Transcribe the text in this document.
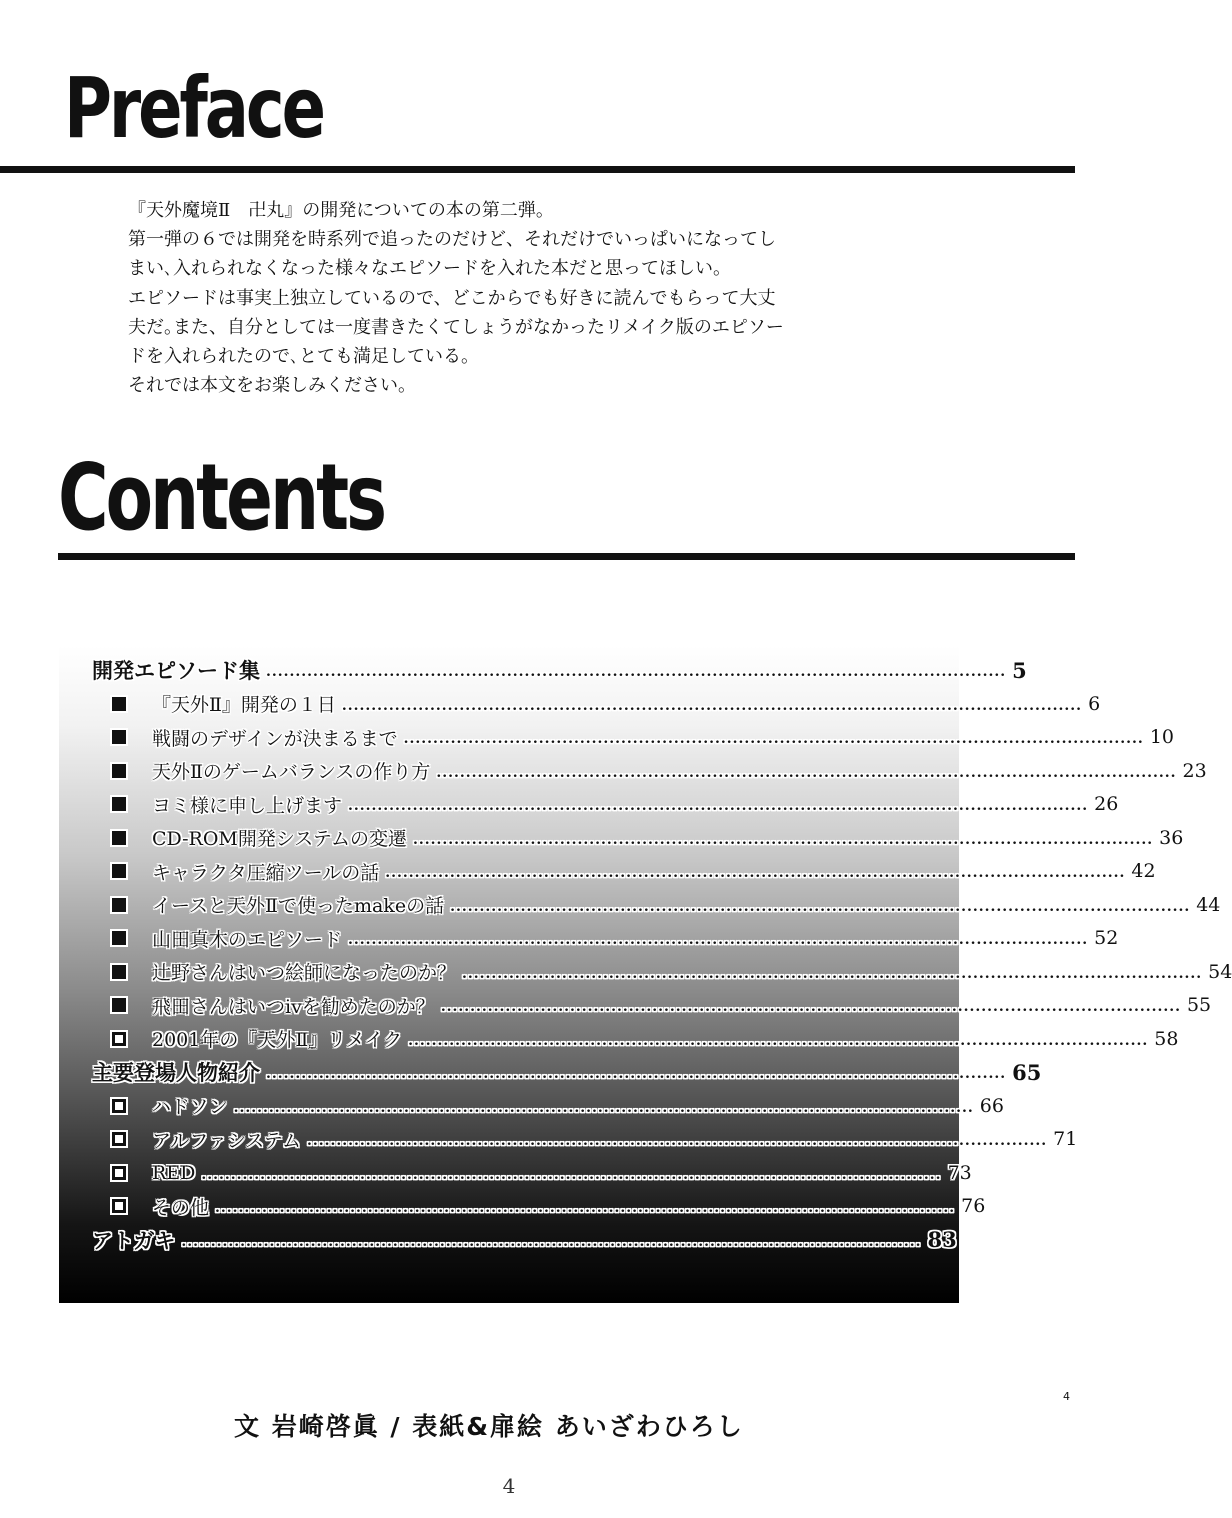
Preface

『天外魔境Ⅱ　卍丸』の開発についての本の第二弾。

第一弾の６では開発を時系列で追ったのだけど、それだけでいっぱいになってし

まい､入れられなくなった様々なエピソードを入れた本だと思ってほしい。

エピソードは事実上独立しているので、どこからでも好きに読んでもらって大丈

夫だ｡また、自分としては一度書きたくてしょうがなかったリメイク版のエピソー

ドを入れられたので､とても満足している。

それでは本文をお楽しみください。

Contents
開発エピソード集 .............................................................................................................................. 5
『天外Ⅱ』開発の１日 .............................................................................................................................. 6
戦闘のデザインが決まるまで .............................................................................................................................. 10
天外Ⅱのゲームバランスの作り方 .............................................................................................................................. 23
ヨミ様に申し上げます .............................................................................................................................. 26
CD-ROM開発システムの変遷 .............................................................................................................................. 36
キャラクタ圧縮ツールの話 .............................................................................................................................. 42
イースと天外Ⅱで使ったmakeの話 .............................................................................................................................. 44
山田真木のエピソード .............................................................................................................................. 52
辻野さんはいつ絵師になったのか？ .............................................................................................................................. 54
飛田さんはいつivを勧めたのか？ .............................................................................................................................. 55
2001年の『天外Ⅱ』リメイク .............................................................................................................................. 58
主要登場人物紹介 .............................................................................................................................. 65
ハドソン .............................................................................................................................. 66
アルファシステム .............................................................................................................................. 71
RED .............................................................................................................................. 73
その他 .............................................................................................................................. 76
アトガキ .............................................................................................................................. 83
4
文 岩崎啓眞 / 表紙&扉絵 あいざわひろし
4
